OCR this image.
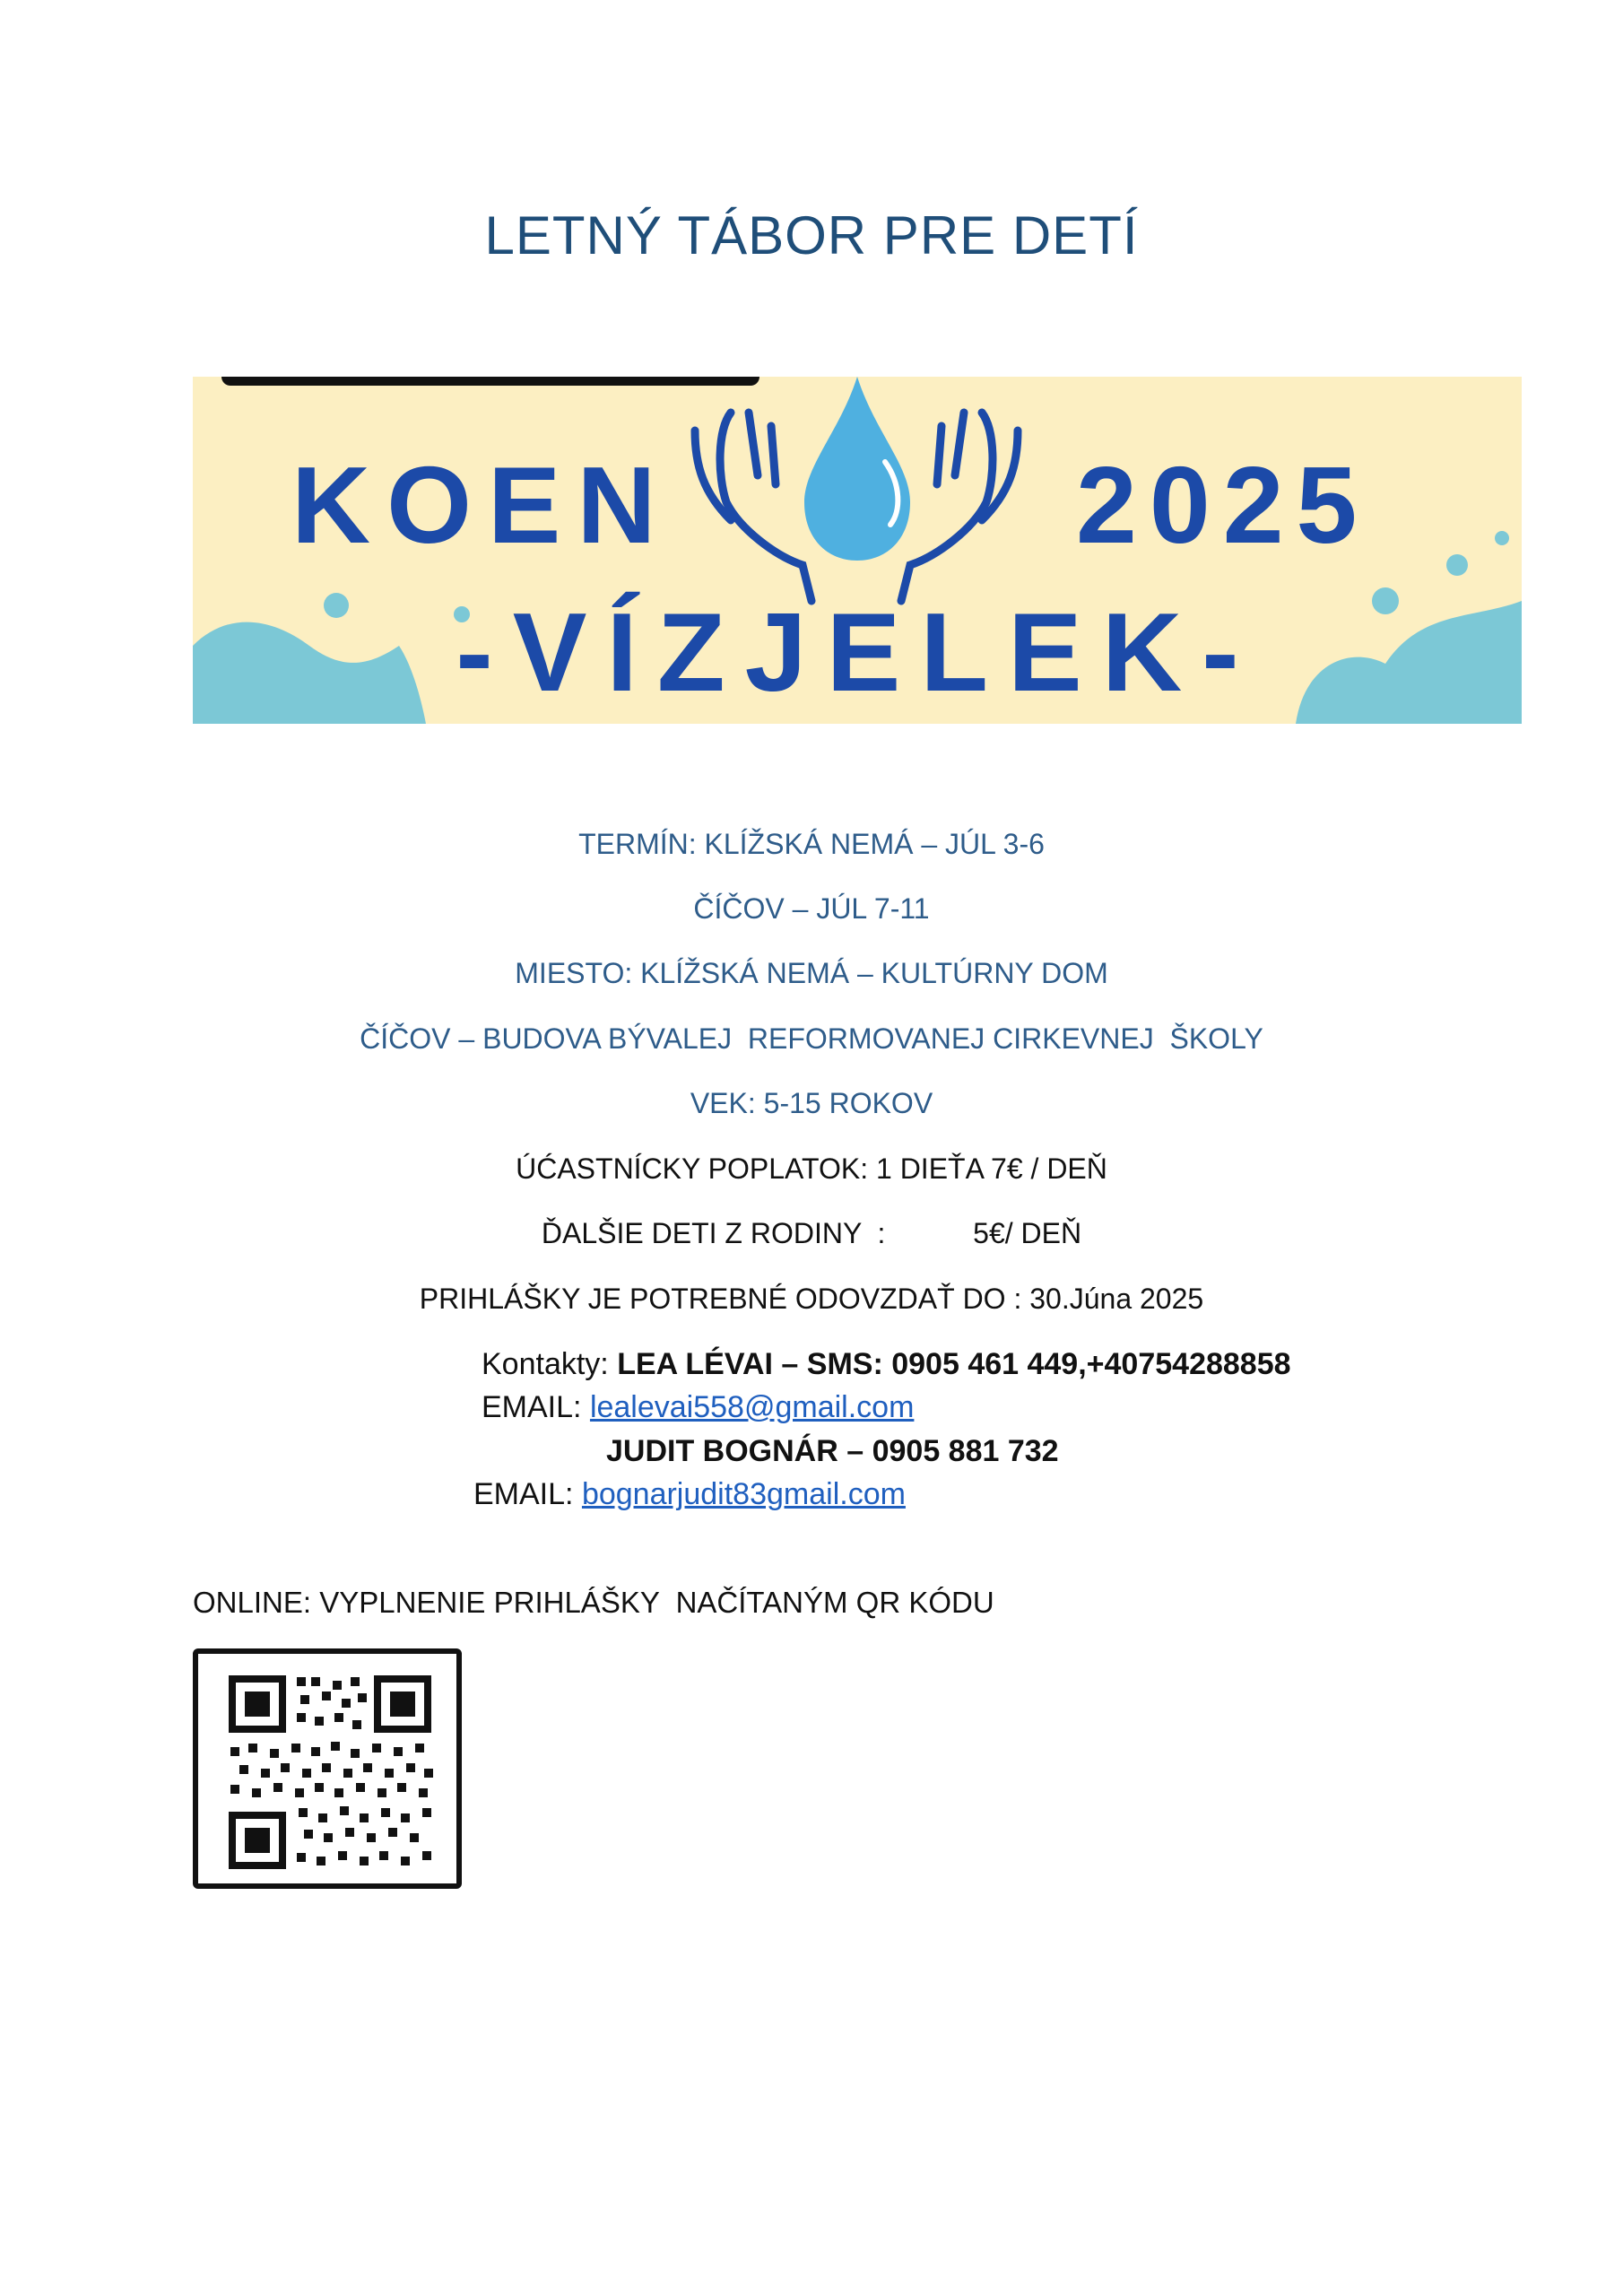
LETNÝ TÁBOR PRE DETÍ
KOEN	2025
-VÍZJELEK-
TERMÍN: KLÍŽSKÁ NEMÁ – JÚL 3-6
ČÍČOV – JÚL 7-11
MIESTO: KLÍŽSKÁ NEMÁ – KULTÚRNY DOM
ČÍČOV – BUDOVA BÝVALEJ  REFORMOVANEJ CIRKEVNEJ  ŠKOLY
VEK: 5-15 ROKOV
ÚĆASTNÍCKY POPLATOK: 1 DIEŤA 7€ / DEŇ
ĎALŠIE DETI Z RODINY  :           5€/ DEŇ
PRIHLÁŠKY JE POTREBNÉ ODOVZDAŤ DO : 30.Júna 2025
Kontakty: LEA LÉVAI – SMS: 0905 461 449,+40754288858
EMAIL: lealevai558@gmail.com
JUDIT BOGNÁR – 0905 881 732
EMAIL: bognarjudit83gmail.com
ONLINE: VYPLNENIE PRIHLÁŠKY  NAČÍTANÝM QR KÓDU
